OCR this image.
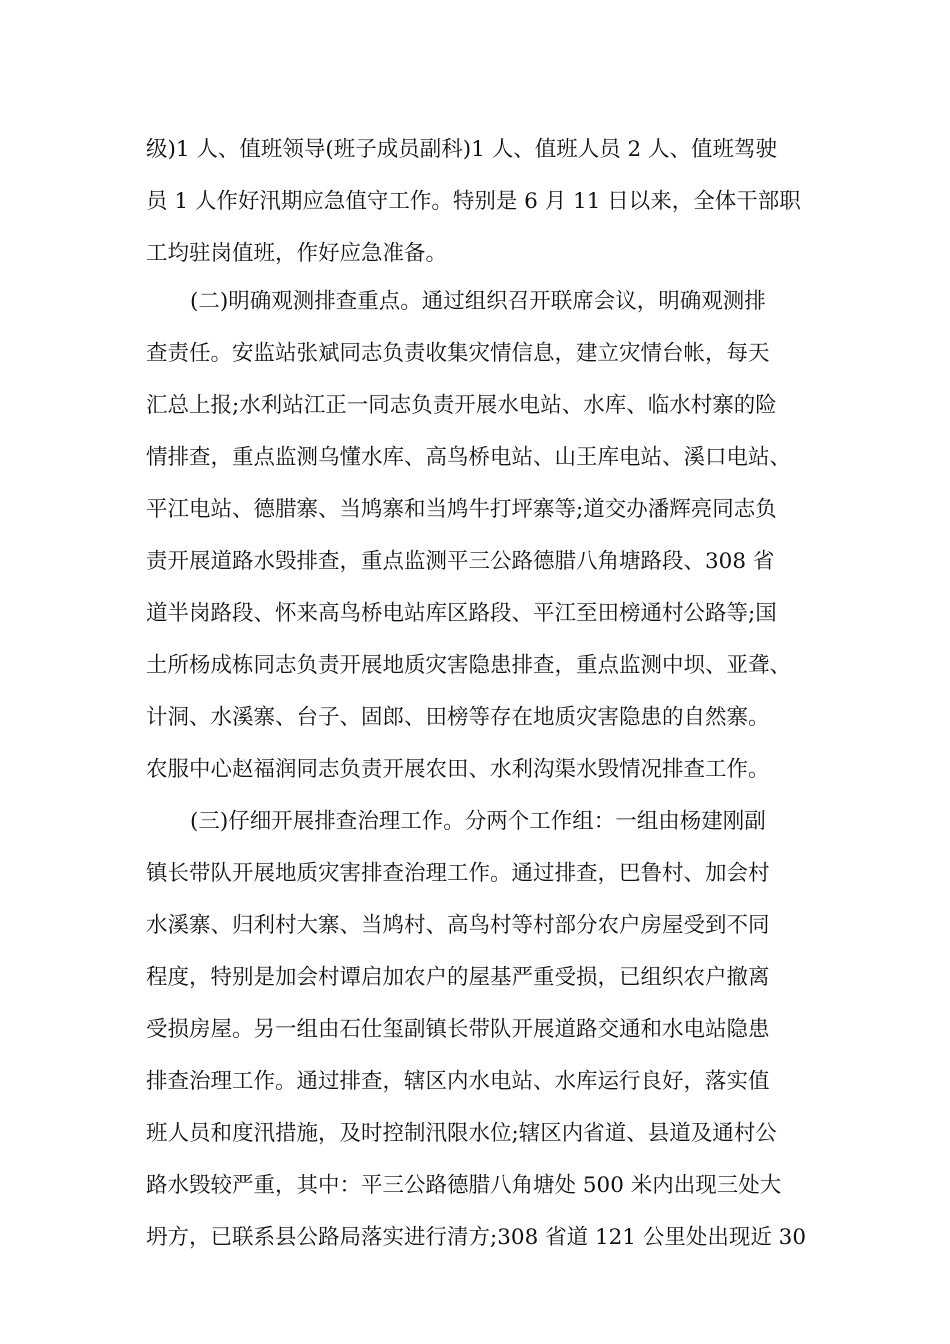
级)1 人、值班领导(班子成员副科)1 人、值班人员 2 人、值班驾驶
员 1 人作好汛期应急值守工作。特别是 6 月 11 日以来，全体干部职
工均驻岗值班，作好应急准备。
(二)明确观测排查重点。通过组织召开联席会议，明确观测排
查责任。安监站张斌同志负责收集灾情信息，建立灾情台帐，每天
汇总上报;水利站江正一同志负责开展水电站、水库、临水村寨的险
情排查，重点监测乌懂水库、高鸟桥电站、山王库电站、溪口电站、
平江电站、德腊寨、当鸠寨和当鸠牛打坪寨等;道交办潘辉亮同志负
责开展道路水毁排查，重点监测平三公路德腊八角塘路段、308 省
道半岗路段、怀来高鸟桥电站库区路段、平江至田榜通村公路等;国
土所杨成栋同志负责开展地质灾害隐患排查，重点监测中坝、亚聋、
计洞、水溪寨、台子、固郎、田榜等存在地质灾害隐患的自然寨。
农服中心赵福润同志负责开展农田、水利沟渠水毁情况排查工作。
(三)仔细开展排查治理工作。分两个工作组：一组由杨建刚副
镇长带队开展地质灾害排查治理工作。通过排查，巴鲁村、加会村
水溪寨、归利村大寨、当鸠村、高鸟村等村部分农户房屋受到不同
程度，特别是加会村谭启加农户的屋基严重受损，已组织农户撤离
受损房屋。另一组由石仕玺副镇长带队开展道路交通和水电站隐患
排查治理工作。通过排查，辖区内水电站、水库运行良好，落实值
班人员和度汛措施，及时控制汛限水位;辖区内省道、县道及通村公
路水毁较严重，其中：平三公路德腊八角塘处 500 米内出现三处大
坍方，已联系县公路局落实进行清方;308 省道 121 公里处出现近 30
